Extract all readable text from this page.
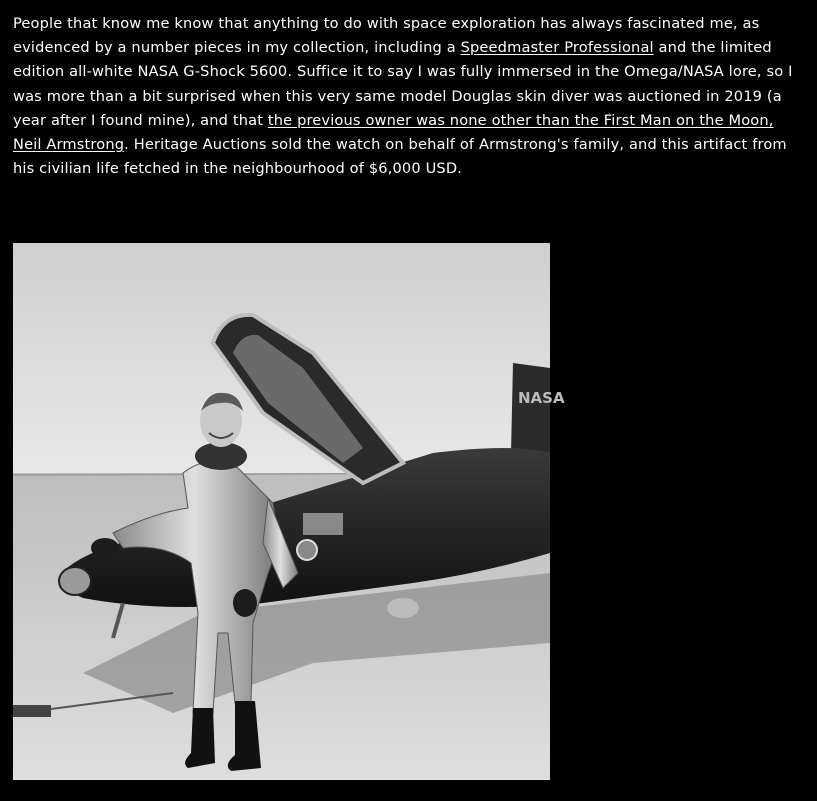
People that know me know that anything to do with space exploration has always fascinated me, as evidenced by a number pieces in my collection, including a Speedmaster Professional and the limited edition all-white NASA G-Shock 5600. Suffice it to say I was fully immersed in the Omega/NASA lore, so I was more than a bit surprised when this very same model Douglas skin diver was auctioned in 2019 (a year after I found mine), and that the previous owner was none other than the First Man on the Moon, Neil Armstrong. Heritage Auctions sold the watch on behalf of Armstrong's family, and this artifact from his civilian life fetched in the neighbourhood of $6,000 USD.

NASA
